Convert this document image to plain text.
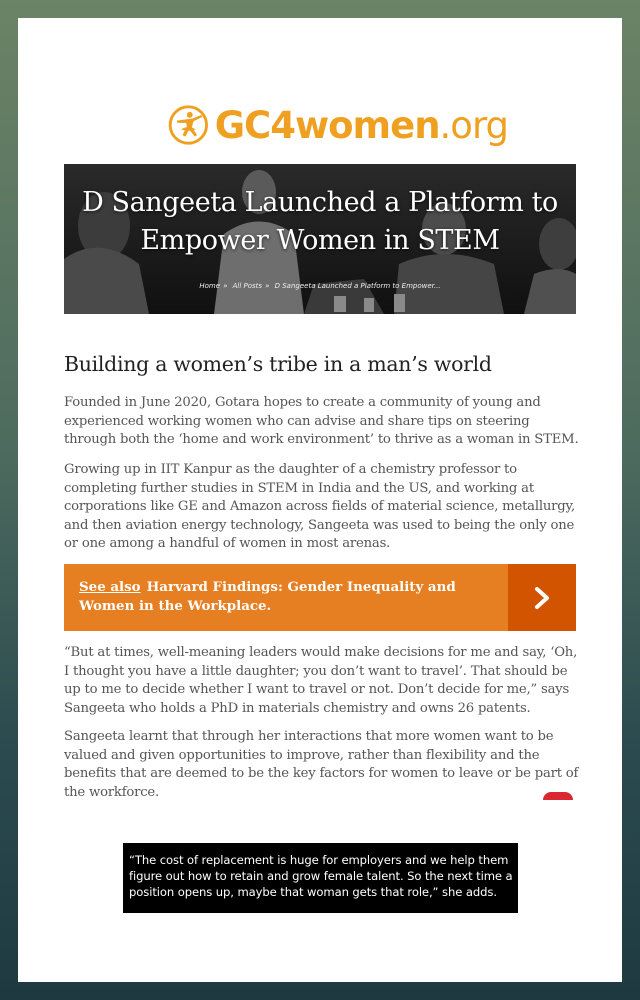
GC4women.org
D Sangeeta Launched a Platform to
Empower Women in STEM
Home » All Posts » D Sangeeta Launched a Platform to Empower...
Building a women’s tribe in a man’s world

Founded in June 2020, Gotara hopes to create a community of young and experienced working women who can advise and share tips on steering through both the ‘home and work environment’ to thrive as a woman in STEM.

Growing up in IIT Kanpur as the daughter of a chemistry professor to completing further studies in STEM in India and the US, and working at corporations like GE and Amazon across fields of material science, metallurgy, and then aviation energy technology, Sangeeta was used to being the only one or one among a handful of women in most arenas.

See also Harvard Findings: Gender Inequality and Women in the Workplace.

“But at times, well-meaning leaders would make decisions for me and say, ‘Oh, I thought you have a little daughter; you don’t want to travel’. That should be up to me to decide whether I want to travel or not. Don’t decide for me,” says Sangeeta who holds a PhD in materials chemistry and owns 26 patents.

Sangeeta learnt that through her interactions that more women want to be valued and given opportunities to improve, rather than flexibility and the benefits that are deemed to be the key factors for women to leave or be part of the workforce.

“The cost of replacement is huge for employers and we help them figure out how to retain and grow female talent. So the next time a position opens up, maybe that woman gets that role,” she adds.
